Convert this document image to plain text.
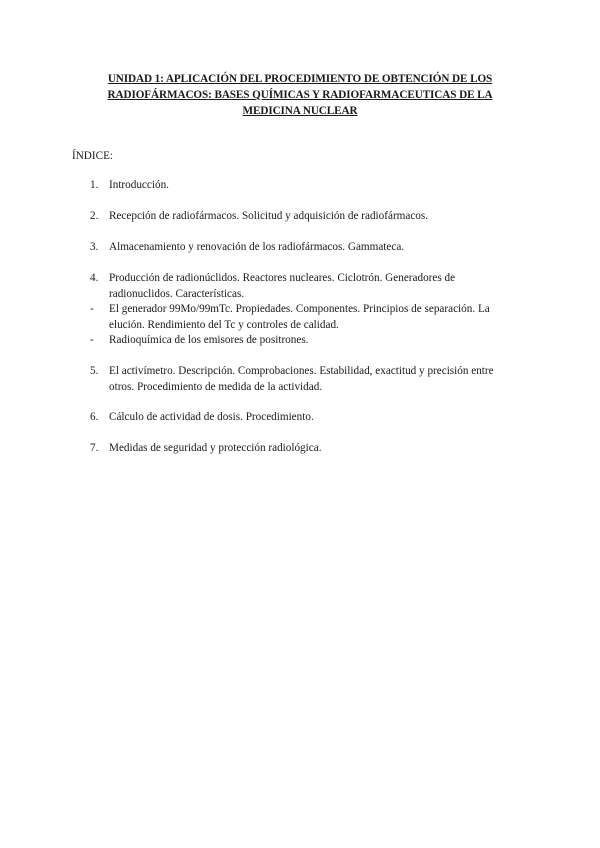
UNIDAD 1: APLICACIÓN DEL PROCEDIMIENTO DE OBTENCIÓN DE LOS RADIOFÁRMACOS: BASES QUÍMICAS Y RADIOFARMACEUTICAS DE LA MEDICINA NUCLEAR
ÍNDICE:
1. Introducción.
2. Recepción de radiofármacos. Solicitud y adquisición de radiofármacos.
3. Almacenamiento y renovación de los radiofármacos. Gammateca.
4. Producción de radionúclidos. Reactores nucleares. Ciclotrón. Generadores de radionuclidos. Características.
- El generador 99Mo/99mTc. Propiedades. Componentes. Principios de separación. La elución. Rendimiento del Tc y controles de calidad.
- Radioquímica de los emisores de positrones.
5. El activímetro. Descripción. Comprobaciones. Estabilidad, exactitud y precisión entre otros. Procedimiento de medida de la actividad.
6. Cálculo de actividad de dosis. Procedimiento.
7. Medidas de seguridad y protección radiológica.
